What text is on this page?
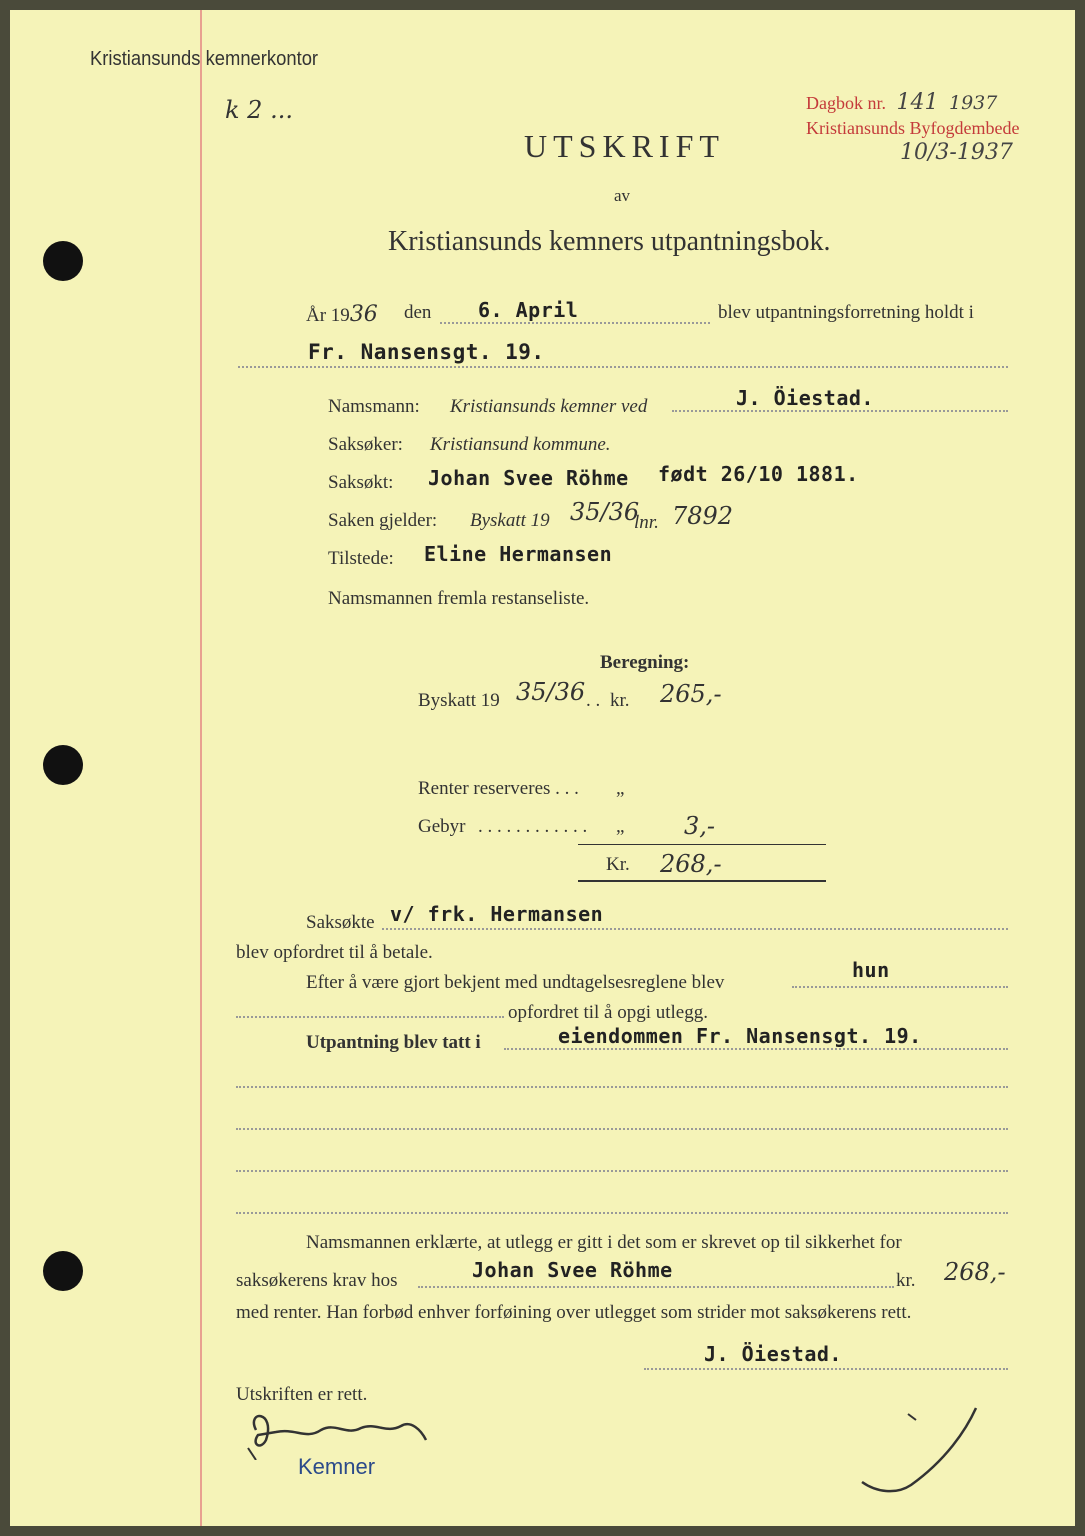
Kristiansunds kemnerkontor
k 2 ...	Dagbok nr. 141 1937
Kristiansunds Byfogdembede
10/3-1937
UTSKRIFT
av
Kristiansunds kemners utpantningsbok.
År 1936 den 6. April	blev utpantningsforretning holdt i
Fr. Nansensgt. 19.
Namsmann: Kristiansunds kemner ved	J. Öiestad.
Saksøker: Kristiansund kommune.
Saksøkt: Johan Svee Röhme født 26/10 1881.
Saken gjelder: Byskatt 19 35/36
lnr. 7892
Tilstede: Eline Hermansen
Namsmannen fremla restanseliste.
Beregning:
Byskatt 19 35/36 . . kr. 265,-
Renter reserveres . . . „
Gebyr . . . . . . . . . . . . „ 3,-
Kr. 268,-
Saksøkte v/ frk. Hermansen
blev opfordret til å betale.
Efter å være gjort bekjent med undtagelsesreglene blev
hun
opfordret til å opgi utlegg.
Utpantning blev tatt i	eiendommen Fr. Nansensgt. 19.
Namsmannen erklærte, at utlegg er gitt i det som er skrevet op til sikkerhet for
saksøkerens krav hos	Johan Svee Röhme	kr. 268,-
med renter. Han forbød enhver forføining over utlegget som strider mot saksøkerens rett.
J. Öiestad.
Utskriften er rett.
Kemner
